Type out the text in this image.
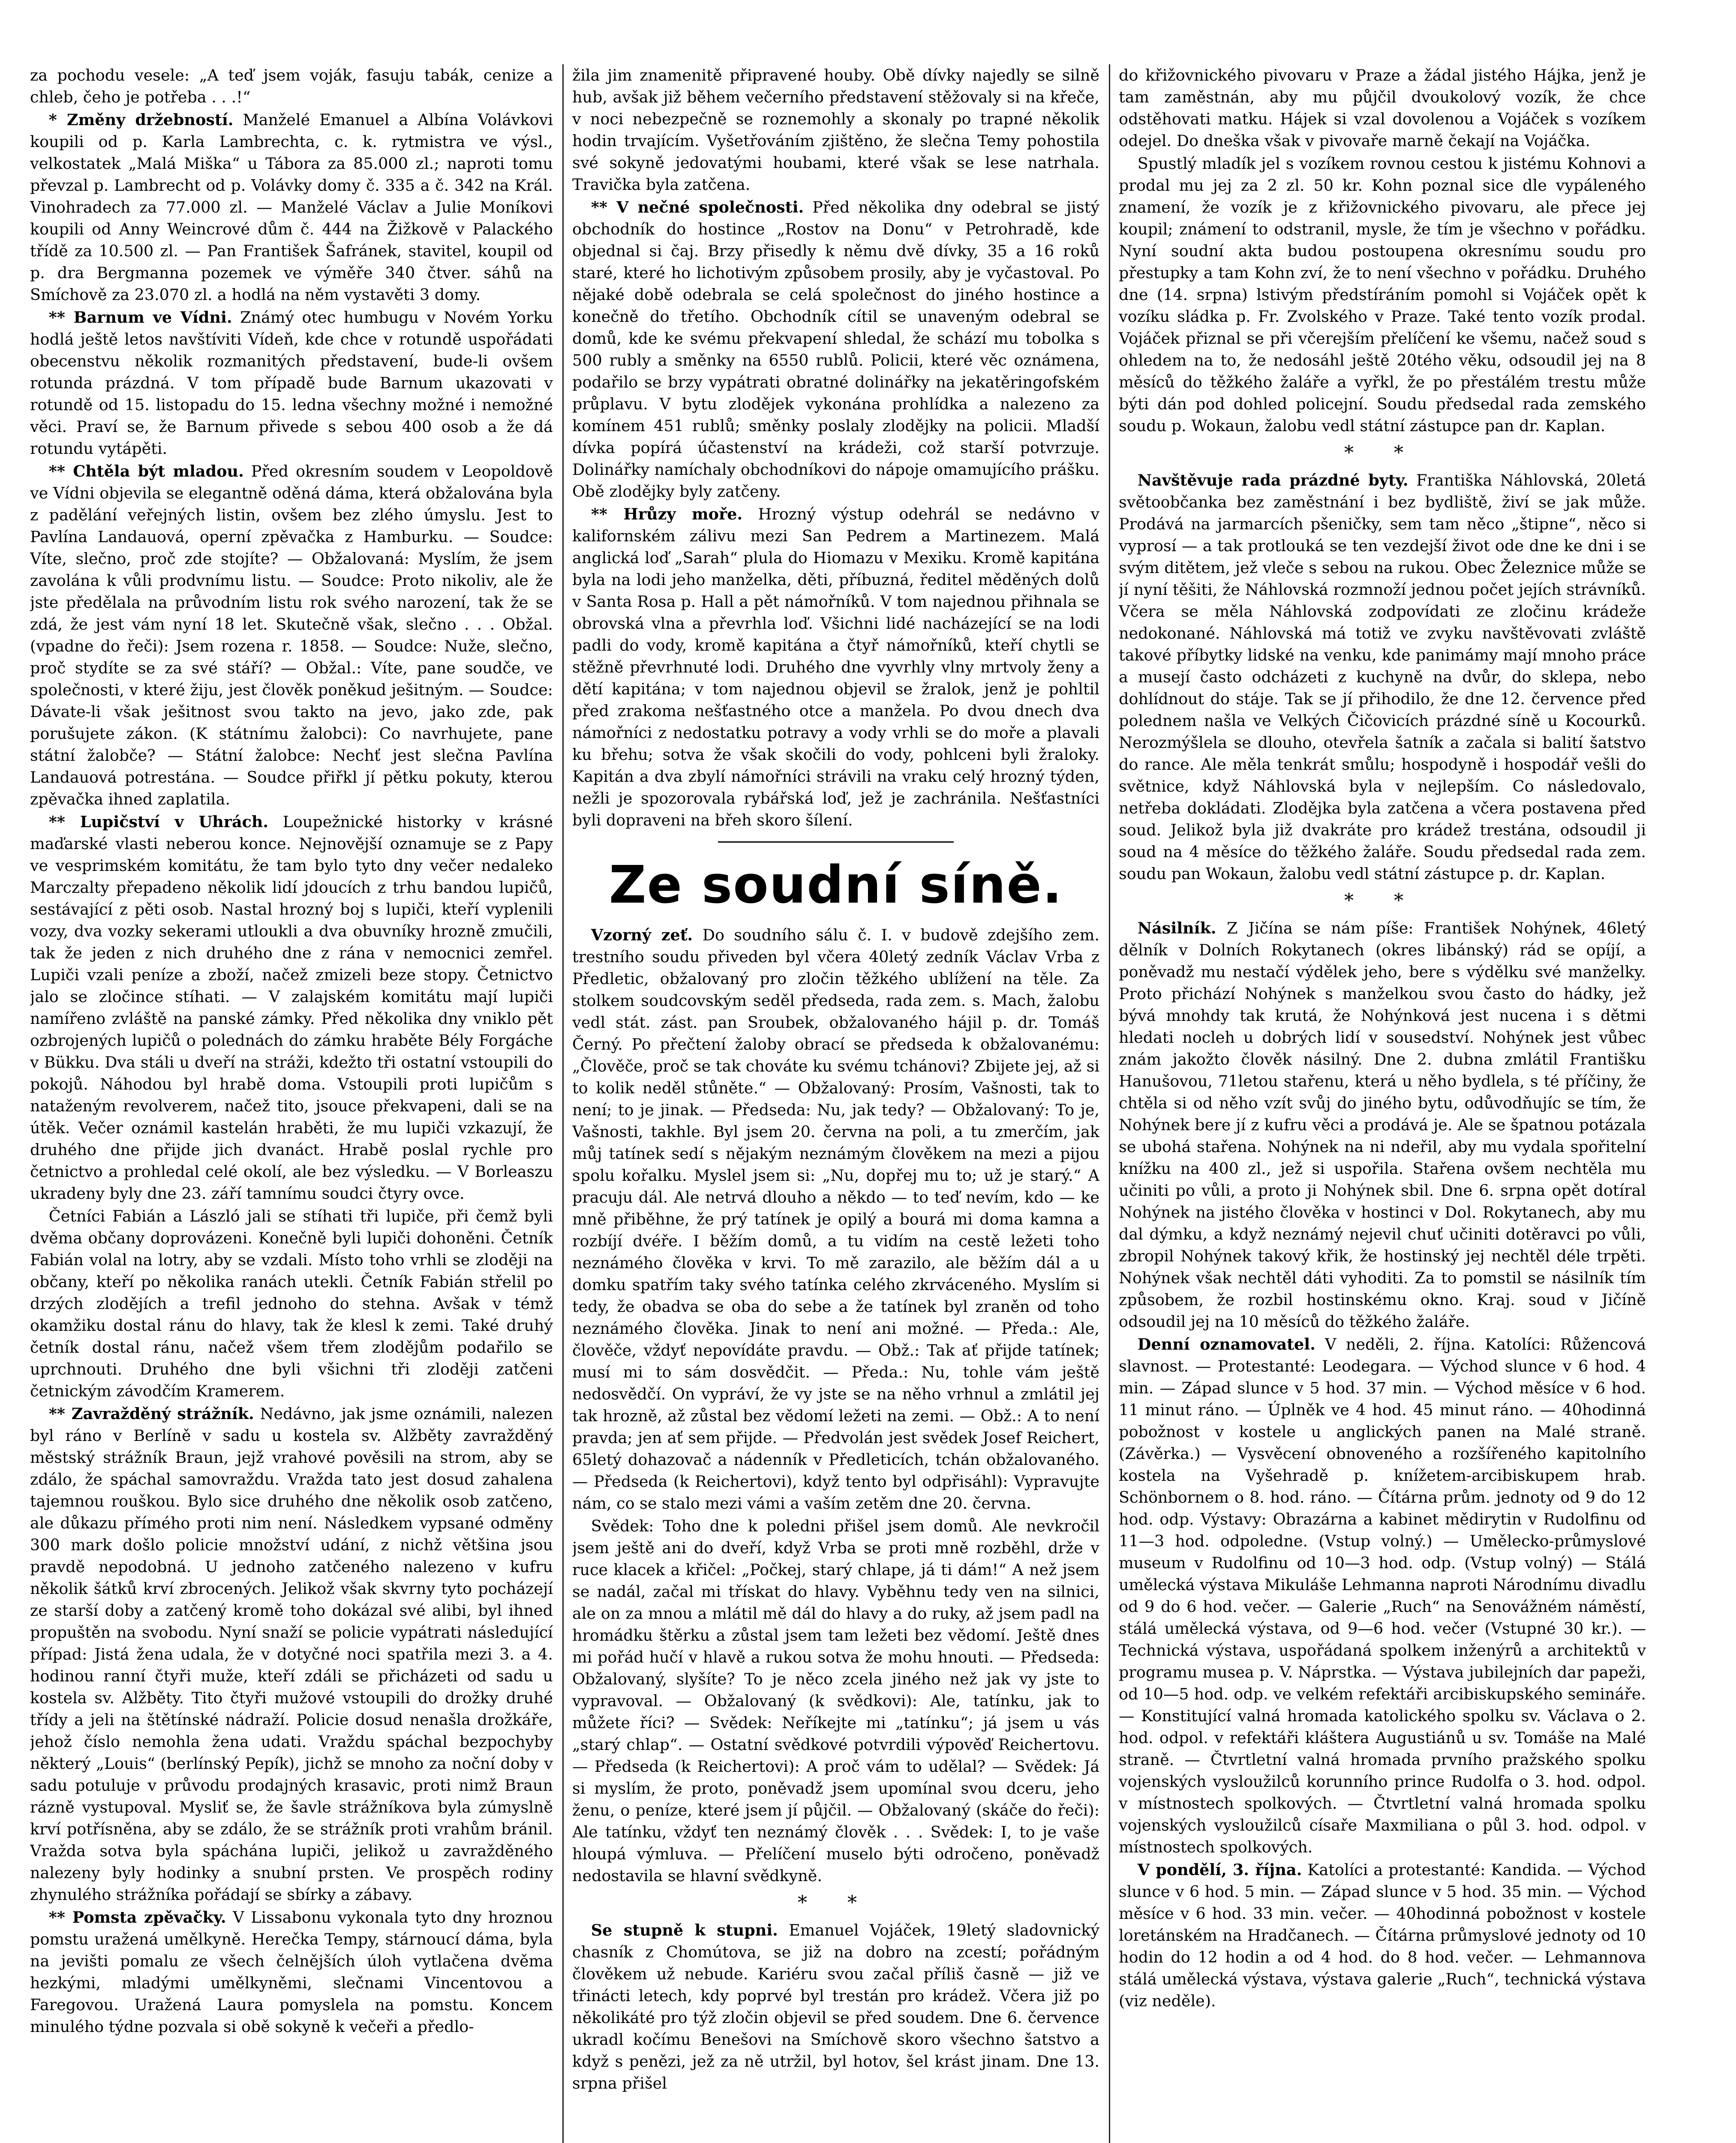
za pochodu vesele: „A teď jsem voják, fasuju tabák, cenize a chleb, čeho je potřeba . . .!“

* Změny držebností. Manželé Emanuel a Albína Volávkovi koupili od p. Karla Lambrechta, c. k. rytmistra ve výsl., velkostatek „Malá Miška“ u Tábora za 85.000 zl.; naproti tomu převzal p. Lambrecht od p. Volávky domy č. 335 a č. 342 na Král. Vinohradech za 77.000 zl. — Manželé Václav a Julie Moníkovi koupili od Anny Weincrové dům č. 444 na Žižkově v Palackého třídě za 10.500 zl. — Pan František Šafránek, stavitel, koupil od p. dra Bergmanna pozemek ve výměře 340 čtver. sáhů na Smíchově za 23.070 zl. a hodlá na něm vystavěti 3 domy.

** Barnum ve Vídni. Známý otec humbugu v Novém Yorku hodlá ještě letos navštíviti Vídeň, kde chce v rotundě uspořádati obecenstvu několik rozmanitých představení, bude-li ovšem rotunda prázdná. V tom případě bude Barnum ukazovati v rotundě od 15. listopadu do 15. ledna všechny možné i nemožné věci. Praví se, že Barnum přivede s sebou 400 osob a že dá rotundu vytápěti.

** Chtěla být mladou. Před okresním soudem v Leopoldově ve Vídni objevila se elegantně oděná dáma, která obžalována byla z padělání veřejných listin, ovšem bez zlého úmyslu. Jest to Pavlína Landauová, operní zpěvačka z Hamburku. — Soudce: Víte, slečno, proč zde stojíte? — Obžalovaná: Myslím, že jsem zavolána k vůli prodvnímu listu. — Soudce: Proto nikoliv, ale že jste předělala na průvodním listu rok svého narození, tak že se zdá, že jest vám nyní 18 let. Skutečně však, slečno . . . Obžal. (vpadne do řeči): Jsem rozena r. 1858. — Soudce: Nuže, slečno, proč stydíte se za své stáří? — Obžal.: Víte, pane soudče, ve společnosti, v které žiju, jest člověk poněkud ješitným. — Soudce: Dávate-li však ješitnost svou takto na jevo, jako zde, pak porušujete zákon. (K státnímu žalobci): Co navrhujete, pane státní žalobče? — Státní žalobce: Nechť jest slečna Pavlína Landauová potrestána. — Soudce přiřkl jí pětku pokuty, kterou zpěvačka ihned zaplatila.

** Lupičství v Uhrách. Loupežnické historky v krásné maďarské vlasti neberou konce. Nejnovější oznamuje se z Papy ve vesprimském komitátu, že tam bylo tyto dny večer nedaleko Marczalty přepadeno několik lidí jdoucích z trhu bandou lupičů, sestávající z pěti osob. Nastal hrozný boj s lupiči, kteří vyplenili vozy, dva vozky sekerami utloukli a dva obuvníky hrozně zmučili, tak že jeden z nich druhého dne z rána v nemocnici zemřel. Lupiči vzali peníze a zboží, načež zmizeli beze stopy. Četnictvo jalo se zločince stíhati. — V zalajském komitátu mají lupiči namířeno zvláště na panské zámky. Před několika dny vniklo pět ozbrojených lupičů o polednách do zámku hraběte Bély Forgáche v Bükku. Dva stáli u dveří na stráži, kdežto tři ostatní vstoupili do pokojů. Náhodou byl hrabě doma. Vstoupili proti lupičům s nataženým revolverem, načež tito, jsouce překvapeni, dali se na útěk. Večer oznámil kastelán hraběti, že mu lupiči vzkazují, že druhého dne přijde jich dvanáct. Hrabě poslal rychle pro četnictvo a prohledal celé okolí, ale bez výsledku. — V Borleaszu ukradeny byly dne 23. září tamnímu soudci čtyry ovce.

Četníci Fabián a László jali se stíhati tři lupiče, při čemž byli dvěma občany doprovázeni. Konečně byli lupiči dohoněni. Četník Fabián volal na lotry, aby se vzdali. Místo toho vrhli se zloději na občany, kteří po několika ranách utekli. Četník Fabián střelil po drzých zlodějích a trefil jednoho do stehna. Avšak v témž okamžiku dostal ránu do hlavy, tak že klesl k zemi. Také druhý četník dostal ránu, načež všem třem zlodějům podařilo se uprchnouti. Druhého dne byli všichni tři zloději zatčeni četnickým závodčím Kramerem.

** Zavražděný strážník. Nedávno, jak jsme oznámili, nalezen byl ráno v Berlíně v sadu u kostela sv. Alžběty zavražděný městský strážník Braun, jejž vrahové pověsili na strom, aby se zdálo, že spáchal samovraždu. Vražda tato jest dosud zahalena tajemnou rouškou. Bylo sice druhého dne několik osob zatčeno, ale důkazu přímého proti nim není. Následkem vypsané odměny 300 mark došlo policie množství udání, z nichž většina jsou pravdě nepodobná. U jednoho zatčeného nalezeno v kufru několik šátků krví zbrocených. Jelikož však skvrny tyto pocházejí ze starší doby a zatčený kromě toho dokázal své alibi, byl ihned propuštěn na svobodu. Nyní snaží se policie vypátrati následující případ: Jistá žena udala, že v dotyčné noci spatřila mezi 3. a 4. hodinou ranní čtyři muže, kteří zdáli se přicházeti od sadu u kostela sv. Alžběty. Tito čtyři mužové vstoupili do drožky druhé třídy a jeli na štětínské nádraží. Policie dosud nenašla drožkáře, jehož číslo nemohla žena udati. Vraždu spáchal bezpochyby některý „Louis“ (berlínský Pepík), jichž se mnoho za noční doby v sadu potuluje v průvodu prodajných krasavic, proti nimž Braun rázně vystupoval. Mysliť se, že šavle strážníkova byla zúmyslně krví potřísněna, aby se zdálo, že se strážník proti vrahům bránil. Vražda sotva byla spáchána lupiči, jelikož u zavražděného nalezeny byly hodinky a snubní prsten. Ve prospěch rodiny zhynulého strážníka pořádají se sbírky a zábavy.

** Pomsta zpěvačky. V Lissabonu vykonala tyto dny hroznou pomstu uražená umělkyně. Herečka Tempy, stárnoucí dáma, byla na jevišti pomalu ze všech čelnějších úloh vytlačena dvěma hezkými, mladými umělkyněmi, slečnami Vincentovou a Faregovou. Uražená Laura pomyslela na pomstu. Koncem minulého týdne pozvala si obě sokyně k večeři a předlo-

žila jim znamenitě připravené houby. Obě dívky najedly se silně hub, avšak již během večerního představení stěžovaly si na křeče, v noci nebezpečně se roznemohly a skonaly po trapné několik hodin trvajícím. Vyšetřováním zjištěno, že slečna Temy pohostila své sokyně jedovatými houbami, které však se lese natrhala. Travička byla zatčena.

** V nečné společnosti. Před několika dny odebral se jistý obchodník do hostince „Rostov na Donu“ v Petrohradě, kde objednal si čaj. Brzy přisedly k němu dvě dívky, 35 a 16 roků staré, které ho lichotivým způsobem prosily, aby je vyčastoval. Po nějaké době odebrala se celá společnost do jiného hostince a konečně do třetího. Obchodník cítil se unaveným odebral se domů, kde ke svému překvapení shledal, že schází mu tobolka s 500 rubly a směnky na 6550 rublů. Policii, které věc oznámena, podařilo se brzy vypátrati obratné dolinářky na jekatěringofském průplavu. V bytu zlodějek vykonána prohlídka a nalezeno za komínem 451 rublů; směnky poslaly zlodějky na policii. Mladší dívka popírá účastenství na krádeži, což starší potvrzuje. Dolinářky namíchaly obchodníkovi do nápoje omamujícího prášku. Obě zlodějky byly zatčeny.

** Hrůzy moře. Hrozný výstup odehrál se nedávno v kalifornském zálivu mezi San Pedrem a Martinezem. Malá anglická loď „Sarah“ plula do Hiomazu v Mexiku. Kromě kapitána byla na lodi jeho manželka, děti, příbuzná, ředitel měděných dolů v Santa Rosa p. Hall a pět námořníků. V tom najednou přihnala se obrovská vlna a převrhla loď. Všichni lidé nacházející se na lodi padli do vody, kromě kapitána a čtyř námořníků, kteří chytli se stěžně převrhnuté lodi. Druhého dne vyvrhly vlny mrtvoly ženy a dětí kapitána; v tom najednou objevil se žralok, jenž je pohltil před zrakoma nešťastného otce a manžela. Po dvou dnech dva námořníci z nedostatku potravy a vody vrhli se do moře a plavali ku břehu; sotva že však skočili do vody, pohlceni byli žraloky. Kapitán a dva zbylí námořníci strávili na vraku celý hrozný týden, nežli je spozorovala rybářská loď, jež je zachránila. Nešťastníci byli dopraveni na břeh skoro šílení.

Ze soudní síně.

Vzorný zeť. Do soudního sálu č. I. v budově zdejšího zem. trestního soudu přiveden byl včera 40letý zedník Václav Vrba z Předletic, obžalovaný pro zločin těžkého ublížení na těle. Za stolkem soudcovským seděl předseda, rada zem. s. Mach, žalobu vedl stát. zást. pan Sroubek, obžalovaného hájil p. dr. Tomáš Černý. Po přečtení žaloby obrací se předseda k obžalovanému: „Člověče, proč se tak chováte ku svému tchánovi? Zbijete jej, až si to kolik neděl stůněte.“ — Obžalovaný: Prosím, Vašnosti, tak to není; to je jinak. — Předseda: Nu, jak tedy? — Obžalovaný: To je, Vašnosti, takhle. Byl jsem 20. června na poli, a tu zmerčím, jak můj tatínek sedí s nějakým neznámým člověkem na mezi a pijou spolu kořalku. Myslel jsem si: „Nu, dopřej mu to; už je starý.“ A pracuju dál. Ale netrvá dlouho a někdo — to teď nevím, kdo — ke mně přiběhne, že prý tatínek je opilý a bourá mi doma kamna a rozbíjí dvéře. I běžím domů, a tu vidím na cestě ležeti toho neznámého člověka v krvi. To mě zarazilo, ale běžím dál a u domku spatřím taky svého tatínka celého zkrváceného. Myslím si tedy, že obadva se oba do sebe a že tatínek byl zraněn od toho neznámého člověka. Jinak to není ani možné. — Předa.: Ale, člověče, vždyť nepovídáte pravdu. — Obž.: Tak ať přijde tatínek; musí mi to sám dosvědčit. — Předa.: Nu, tohle vám ještě nedosvědčí. On vypráví, že vy jste se na něho vrhnul a zmlátil jej tak hrozně, až zůstal bez vědomí ležeti na zemi. — Obž.: A to není pravda; jen ať sem přijde. — Předvolán jest svědek Josef Reichert, 65letý dohazovač a nádenník v Předleticích, tchán obžalovaného. — Předseda (k Reichertovi), když tento byl odpřisáhl): Vypravujte nám, co se stalo mezi vámi a vaším zetěm dne 20. června.

Svědek: Toho dne k poledni přišel jsem domů. Ale nevkročil jsem ještě ani do dveří, když Vrba se proti mně rozběhl, drže v ruce klacek a křičel: „Počkej, starý chlape, já ti dám!“ A než jsem se nadál, začal mi třískat do hlavy. Vyběhnu tedy ven na silnici, ale on za mnou a mlátil mě dál do hlavy a do ruky, až jsem padl na hromádku štěrku a zůstal jsem tam ležeti bez vědomí. Ještě dnes mi pořád hučí v hlavě a rukou sotva že mohu hnouti. — Předseda: Obžalovaný, slyšíte? To je něco zcela jiného než jak vy jste to vypravoval. — Obžalovaný (k svědkovi): Ale, tatínku, jak to můžete říci? — Svědek: Neříkejte mi „tatínku“; já jsem u vás „starý chlap“. — Ostatní svědkové potvrdili výpověď Reichertovu. — Předseda (k Reichertovi): A proč vám to udělal? — Svědek: Já si myslím, že proto, poněvadž jsem upomínal svou dceru, jeho ženu, o peníze, které jsem jí půjčil. — Obžalovaný (skáče do řeči): Ale tatínku, vždyť ten neznámý člověk . . . Svědek: I, to je vaše hloupá výmluva. — Přelíčení muselo býti odročeno, poněvadž nedostavila se hlavní svědkyně.

* *

Se stupně k stupni. Emanuel Vojáček, 19letý sladovnický chasník z Chomútova, se již na dobro na zcestí; pořádným člověkem už nebude. Kariéru svou začal příliš časně — již ve třinácti letech, kdy poprvé byl trestán pro krádež. Včera již po několikáté pro týž zločin objevil se před soudem. Dne 6. července ukradl kočímu Benešovi na Smíchově skoro všechno šatstvo a když s penězi, jež za ně utržil, byl hotov, šel krást jinam. Dne 13. srpna přišel

do křižovnického pivovaru v Praze a žádal jistého Hájka, jenž je tam zaměstnán, aby mu půjčil dvoukolový vozík, že chce odstěhovati matku. Hájek si vzal dovolenou a Vojáček s vozíkem odejel. Do dneška však v pivovaře marně čekají na Vojáčka.

Spustlý mladík jel s vozíkem rovnou cestou k jistému Kohnovi a prodal mu jej za 2 zl. 50 kr. Kohn poznal sice dle vypáleného znamení, že vozík je z křižovnického pivovaru, ale přece jej koupil; známení to odstranil, mysle, že tím je všechno v pořádku. Nyní soudní akta budou postoupena okresnímu soudu pro přestupky a tam Kohn zví, že to není všechno v pořádku. Druhého dne (14. srpna) lstivým předstíráním pomohl si Vojáček opět k vozíku sládka p. Fr. Zvolského v Praze. Také tento vozík prodal. Vojáček přiznal se při včerejším přelíčení ke všemu, načež soud s ohledem na to, že nedosáhl ještě 20tého věku, odsoudil jej na 8 měsíců do těžkého žaláře a vyřkl, že po přestálém trestu může býti dán pod dohled policejní. Soudu předsedal rada zemského soudu p. Wokaun, žalobu vedl státní zástupce pan dr. Kaplan.

* *

Navštěvuje rada prázdné byty. Františka Náhlovská, 20letá světoobčanka bez zaměstnání i bez bydliště, živí se jak může. Prodává na jarmarcích pšeničky, sem tam něco „štipne“, něco si vyprosí — a tak protlouká se ten vezdejší život ode dne ke dni i se svým ditětem, jež vleče s sebou na rukou. Obec Železnice může se jí nyní těšiti, že Náhlovská rozmnoží jednou počet jejích strávníků. Včera se měla Náhlovská zodpovídati ze zločinu krádeže nedokonané. Náhlovská má totiž ve zvyku navštěvovati zvláště takové příbytky lidské na venku, kde panimámy mají mnoho práce a musejí často odcházeti z kuchyně na dvůr, do sklepa, nebo dohlídnout do stáje. Tak se jí přihodilo, že dne 12. července před polednem našla ve Velkých Čičovicích prázdné síně u Kocourků. Nerozmýšlela se dlouho, otevřela šatník a začala si balití šatstvo do rance. Ale měla tenkrát smůlu; hospodyně i hospodář vešli do světnice, když Náhlovská byla v nejlepším. Co následovalo, netřeba dokládati. Zlodějka byla zatčena a včera postavena před soud. Jelikož byla již dvakráte pro krádež trestána, odsoudil ji soud na 4 měsíce do těžkého žaláře. Soudu předsedal rada zem. soudu pan Wokaun, žalobu vedl státní zástupce p. dr. Kaplan.

* *

Násilník. Z Jičína se nám píše: František Nohýnek, 46letý dělník v Dolních Rokytanech (okres libánský) rád se opíjí, a poněvadž mu nestačí výdělek jeho, bere s výdělku své manželky. Proto přichází Nohýnek s manželkou svou často do hádky, jež bývá mnohdy tak krutá, že Nohýnková jest nucena i s dětmi hledati nocleh u dobrých lidí v sousedství. Nohýnek jest vůbec znám jakožto člověk násilný. Dne 2. dubna zmlátil Františku Hanušovou, 71letou stařenu, která u něho bydlela, s té příčiny, že chtěla si od něho vzít svůj do jiného bytu, odůvodňujíc se tím, že Nohýnek bere jí z kufru věci a prodává je. Ale se špatnou potázala se ubohá stařena. Nohýnek na ni ndeřil, aby mu vydala spořitelní knížku na 400 zl., jež si uspořila. Stařena ovšem nechtěla mu učiniti po vůli, a proto ji Nohýnek sbil. Dne 6. srpna opět dotíral Nohýnek na jistého člověka v hostinci v Dol. Rokytanech, aby mu dal dýmku, a když neznámý nejevil chuť učiniti dotěravci po vůli, zbropil Nohýnek takový křik, že hostinský jej nechtěl déle trpěti. Nohýnek však nechtěl dáti vyhoditi. Za to pomstil se násilník tím způsobem, že rozbil hostinskému okno. Kraj. soud v Jičíně odsoudil jej na 10 měsíců do těžkého žaláře.

Denní oznamovatel. V neděli, 2. října. Katolíci: Růžencová slavnost. — Protestanté: Leodegara. — Východ slunce v 6 hod. 4 min. — Západ slunce v 5 hod. 37 min. — Východ měsíce v 6 hod. 11 minut ráno. — Úplněk ve 4 hod. 45 minut ráno. — 40hodinná pobožnost v kostele u anglických panen na Malé straně. (Závěrka.) — Vysvěcení obnoveného a rozšířeného kapitolního kostela na Vyšehradě p. knížetem-arcibiskupem hrab. Schönbornem o 8. hod. ráno. — Čítárna prům. jednoty od 9 do 12 hod. odp. Výstavy: Obrazárna a kabinet mědirytin v Rudolfinu od 11—3 hod. odpoledne. (Vstup volný.) — Umělecko-průmyslové museum v Rudolfinu od 10—3 hod. odp. (Vstup volný) — Stálá umělecká výstava Mikuláše Lehmanna naproti Národnímu divadlu od 9 do 6 hod. večer. — Galerie „Ruch“ na Senovážném náměstí, stálá umělecká výstava, od 9—6 hod. večer (Vstupné 30 kr.). — Technická výstava, uspořádaná spolkem inženýrů a architektů v programu musea p. V. Náprstka. — Výstava jubilejních dar papeži, od 10—5 hod. odp. ve velkém refektáři arcibiskupského semináře. — Konstitující valná hromada katolického spolku sv. Václava o 2. hod. odpol. v refektáři kláštera Augustiánů u sv. Tomáše na Malé straně. — Čtvrtletní valná hromada prvního pražského spolku vojenských vysloužilců korunního prince Rudolfa o 3. hod. odpol. v místnostech spolkových. — Čtvrtletní valná hromada spolku vojenských vysloužilců císaře Maxmiliana o půl 3. hod. odpol. v místnostech spolkových.

V pondělí, 3. října. Katolíci a protestanté: Kandida. — Východ slunce v 6 hod. 5 min. — Západ slunce v 5 hod. 35 min. — Východ měsíce v 6 hod. 33 min. večer. — 40hodinná pobožnost v kostele loretánském na Hradčanech. — Čítárna průmyslové jednoty od 10 hodin do 12 hodin a od 4 hod. do 8 hod. večer. — Lehmannova stálá umělecká výstava, výstava galerie „Ruch“, technická výstava (viz neděle).
